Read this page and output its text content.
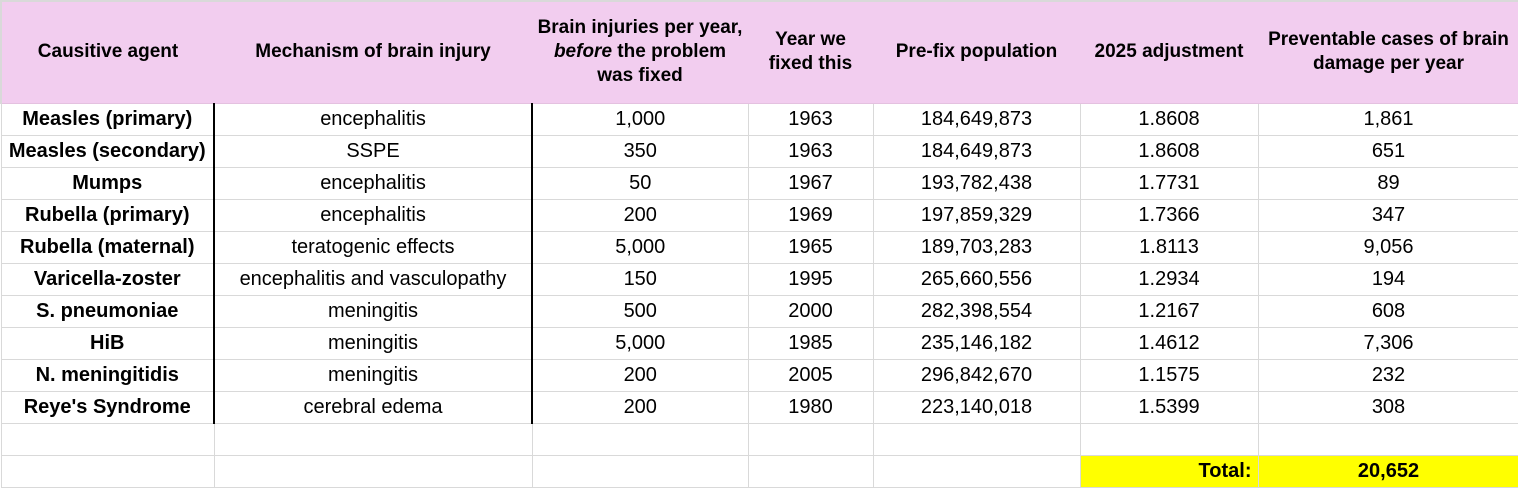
Causitive agent	Mechanism of brain injury	Brain injuries per year, before the problem was fixed	Year we fixed this	Pre-fix population	2025 adjustment	Preventable cases of brain damage per year
Measles (primary)	encephalitis	1,000	1963	184,649,873	1.8608	1,861
Measles (secondary)	SSPE	350	1963	184,649,873	1.8608	651
Mumps	encephalitis	50	1967	193,782,438	1.7731	89
Rubella (primary)	encephalitis	200	1969	197,859,329	1.7366	347
Rubella (maternal)	teratogenic effects	5,000	1965	189,703,283	1.8113	9,056
Varicella-zoster	encephalitis and vasculopathy	150	1995	265,660,556	1.2934	194
S. pneumoniae	meningitis	500	2000	282,398,554	1.2167	608
HiB	meningitis	5,000	1985	235,146,182	1.4612	7,306
N. meningitidis	meningitis	200	2005	296,842,670	1.1575	232
Reye's Syndrome	cerebral edema	200	1980	223,140,018	1.5399	308

					Total:	20,652
